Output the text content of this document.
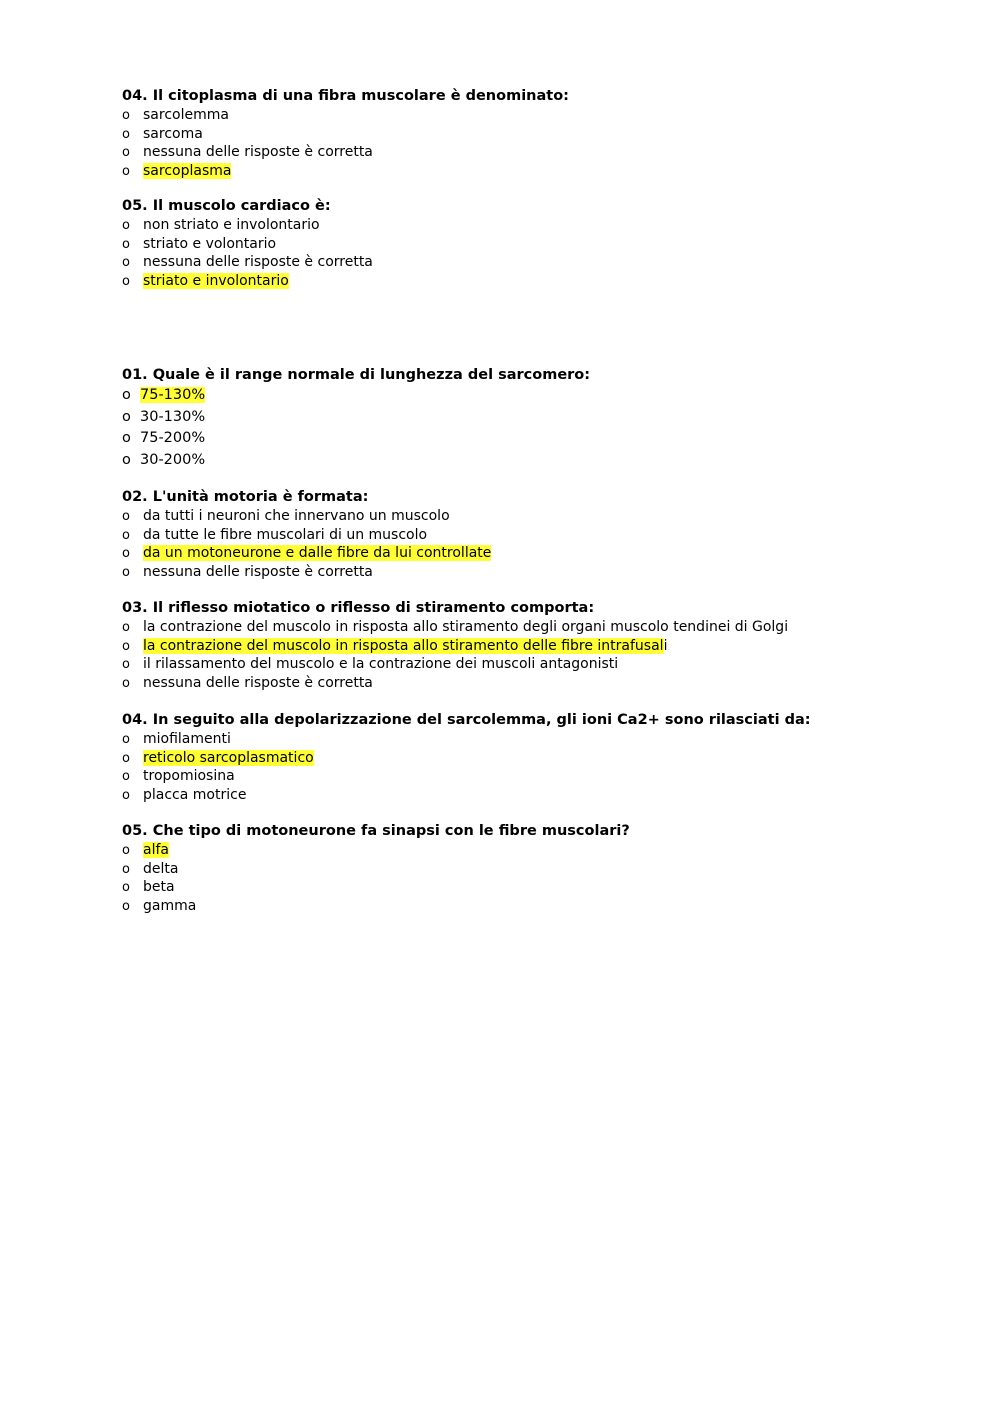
04. Il citoplasma di una fibra muscolare è denominato:
o sarcolemma
o sarcoma
o nessuna delle risposte è corretta
o sarcoplasma
05. Il muscolo cardiaco è:
o non striato e involontario
o striato e volontario
o nessuna delle risposte è corretta
o striato e involontario
01. Quale è il range normale di lunghezza del sarcomero:
o 75-130%
o 30-130%
o 75-200%
o 30-200%
02. L'unità motoria è formata:
o da tutti i neuroni che innervano un muscolo
o da tutte le fibre muscolari di un muscolo
o da un motoneurone e dalle fibre da lui controllate
o nessuna delle risposte è corretta
03. Il riflesso miotatico o riflesso di stiramento comporta:
o la contrazione del muscolo in risposta allo stiramento degli organi muscolo tendinei di Golgi
o la contrazione del muscolo in risposta allo stiramento delle fibre intrafusali
o il rilassamento del muscolo e la contrazione dei muscoli antagonisti
o nessuna delle risposte è corretta
04. In seguito alla depolarizzazione del sarcolemma, gli ioni Ca2+ sono rilasciati da:
o miofilamenti
o reticolo sarcoplasmatico
o tropomiosina
o placca motrice
05. Che tipo di motoneurone fa sinapsi con le fibre muscolari?
o alfa
o delta
o beta
o gamma
